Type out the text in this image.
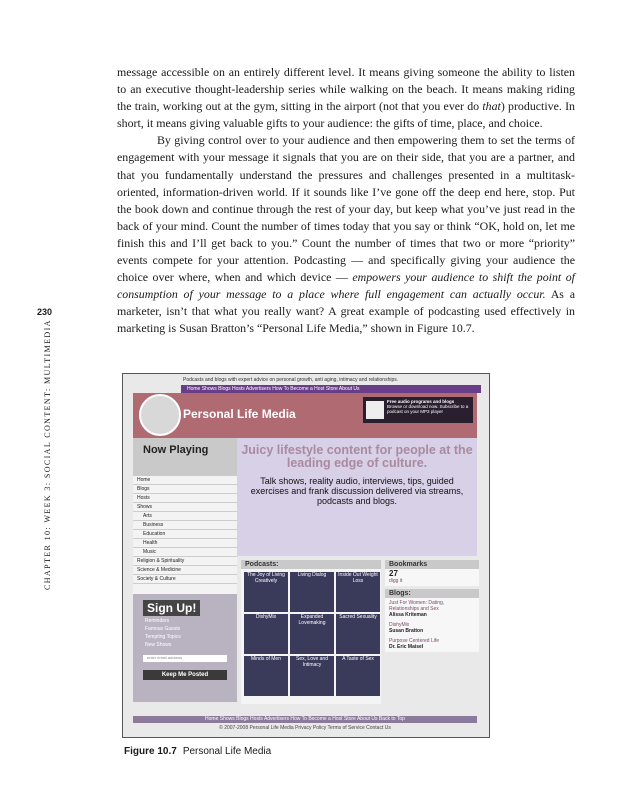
230
CHAPTER 10: WEEK 3: SOCIAL CONTENT: MULTIMEDIA

message accessible on an entirely different level. It means giving someone the ability to listen to an executive thought-leadership series while walking on the beach. It means making riding the train, working out at the gym, sitting in the airport (not that you ever do that) productive. In short, it means giving valuable gifts to your audience: the gifts of time, place, and choice.

By giving control over to your audience and then empowering them to set the terms of engagement with your message it signals that you are on their side, that you are a partner, and that you fundamentally understand the pressures and challenges presented in a multitask-oriented, information-driven world. If it sounds like I’ve gone off the deep end here, stop. Put the book down and continue through the rest of your day, but keep what you’ve just read in the back of your mind. Count the number of times today that you say or think “OK, hold on, let me finish this and I’ll get back to you.” Count the number of times that two or more “priority” events compete for your attention. Podcasting — and specifically giving your audience the choice over where, when and which device — empowers your audience to shift the point of consumption of your message to a place where full engagement can actually occur. As a marketer, isn’t that what you really want? A great example of podcasting used effectively in marketing is Susan Bratton’s “Personal Life Media,” shown in Figure 10.7.

Podcasts and blogs with expert advice on personal growth, anti aging, intimacy and relationships.
Home Shows Blogs Hosts Advertisers How To Become a Host Store About Us
Personal Life Media
Free audio programs and blogs
Browse or download now. Subscribe to a podcast on your MP3 player
Now Playing	Juicy lifestyle content for people at the leading edge of culture.

Talk shows, reality audio, interviews, tips, guided exercises and frank discussion delivered via streams, podcasts and blogs.

Home
Blogs
Hosts
Shows
Arts
Business
Education
Health
Music
Religion & Spirituality
Science & Medicine
Society & Culture
Sign Up!
Reminders
Famous Guests
Tempting Topics
New Shows
enter email address
Keep Me Posted
Podcasts:
The Joy of Living Creatively
Living Dialog	Inside Out Weight Loss
DishyMix	Expanded Lovemaking
Sacred Sexuality
Minds of Men	Sex, Love and Intimacy
A Taste of Sex
Bookmarks
27
digg it
Blogs:
Just For Women: Dating, Relationships and Sex
Alissa Kriteman
DishyMix
Susan Bratton
Purpose Centered Life
Dr. Eric Maisel
Home Shows Blogs Hosts Advertisers How To Become a Host Store About Us Back to Top
© 2007-2008 Personal Life Media Privacy Policy Terms of Service Contact Us
Figure 10.7 Personal Life Media
